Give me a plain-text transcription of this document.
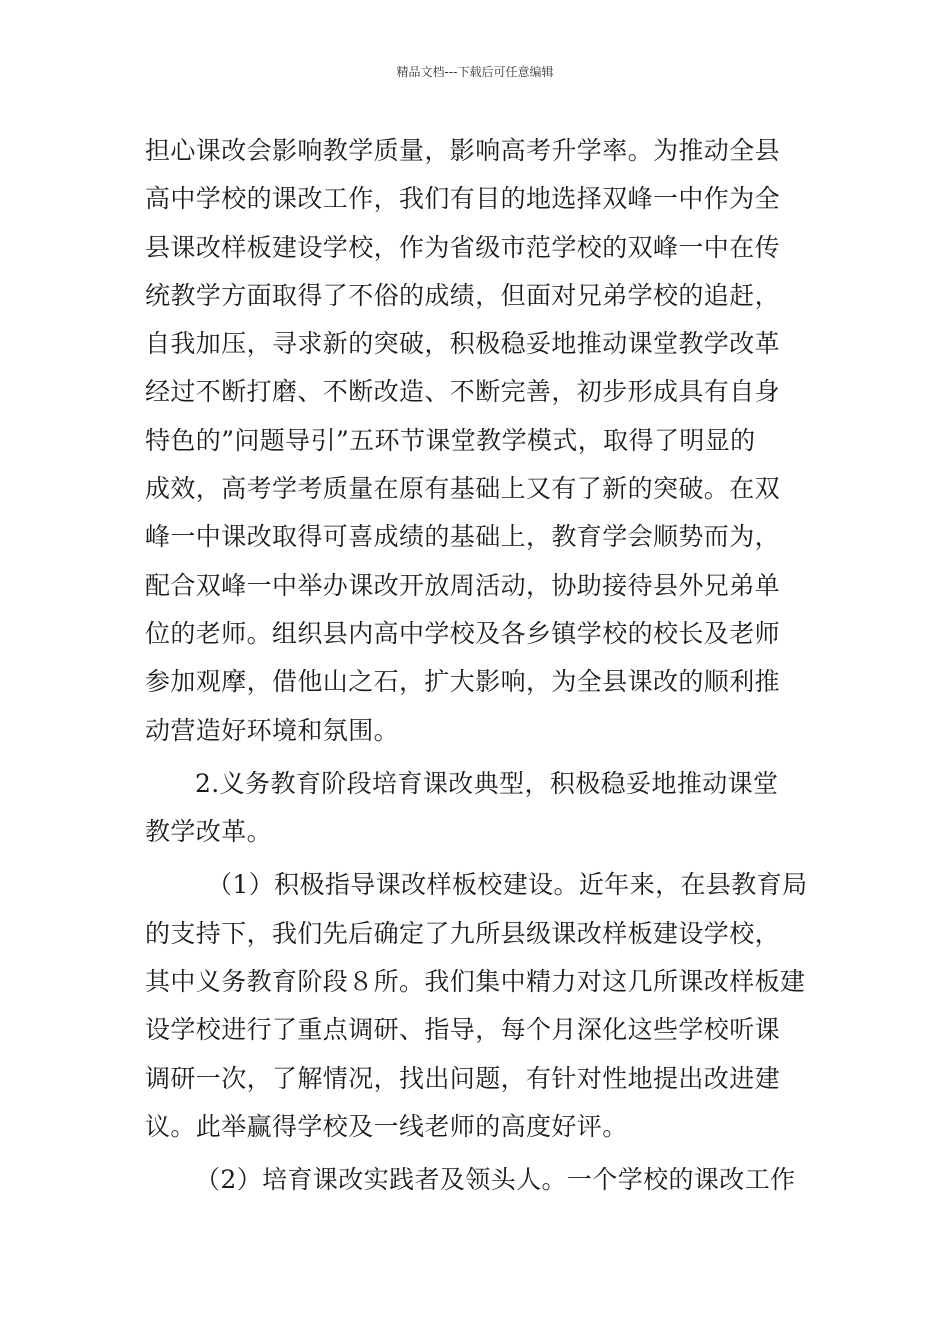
精品文档---下载后可任意编辑
担心课改会影响教学质量，影响高考升学率。为推动全县
高中学校的课改工作，我们有目的地选择双峰一中作为全
县课改样板建设学校，作为省级市范学校的双峰一中在传
统教学方面取得了不俗的成绩，但面对兄弟学校的追赶，
自我加压，寻求新的突破，积极稳妥地推动课堂教学改革
经过不断打磨、不断改造、不断完善，初步形成具有自身
特色的”问题导引”五环节课堂教学模式，取得了明显的
成效，高考学考质量在原有基础上又有了新的突破。在双
峰一中课改取得可喜成绩的基础上，教育学会顺势而为，
配合双峰一中举办课改开放周活动，协助接待县外兄弟单
位的老师。组织县内高中学校及各乡镇学校的校长及老师
参加观摩，借他山之石，扩大影响，为全县课改的顺利推
动营造好环境和氛围。
2.义务教育阶段培育课改典型，积极稳妥地推动课堂
教学改革。
（1）积极指导课改样板校建设。近年来，在县教育局
的支持下，我们先后确定了九所县级课改样板建设学校，
其中义务教育阶段８所。我们集中精力对这几所课改样板建
设学校进行了重点调研、指导，每个月深化这些学校听课
调研一次，了解情况，找出问题，有针对性地提出改进建
议。此举赢得学校及一线老师的高度好评。
（2）培育课改实践者及领头人。一个学校的课改工作
